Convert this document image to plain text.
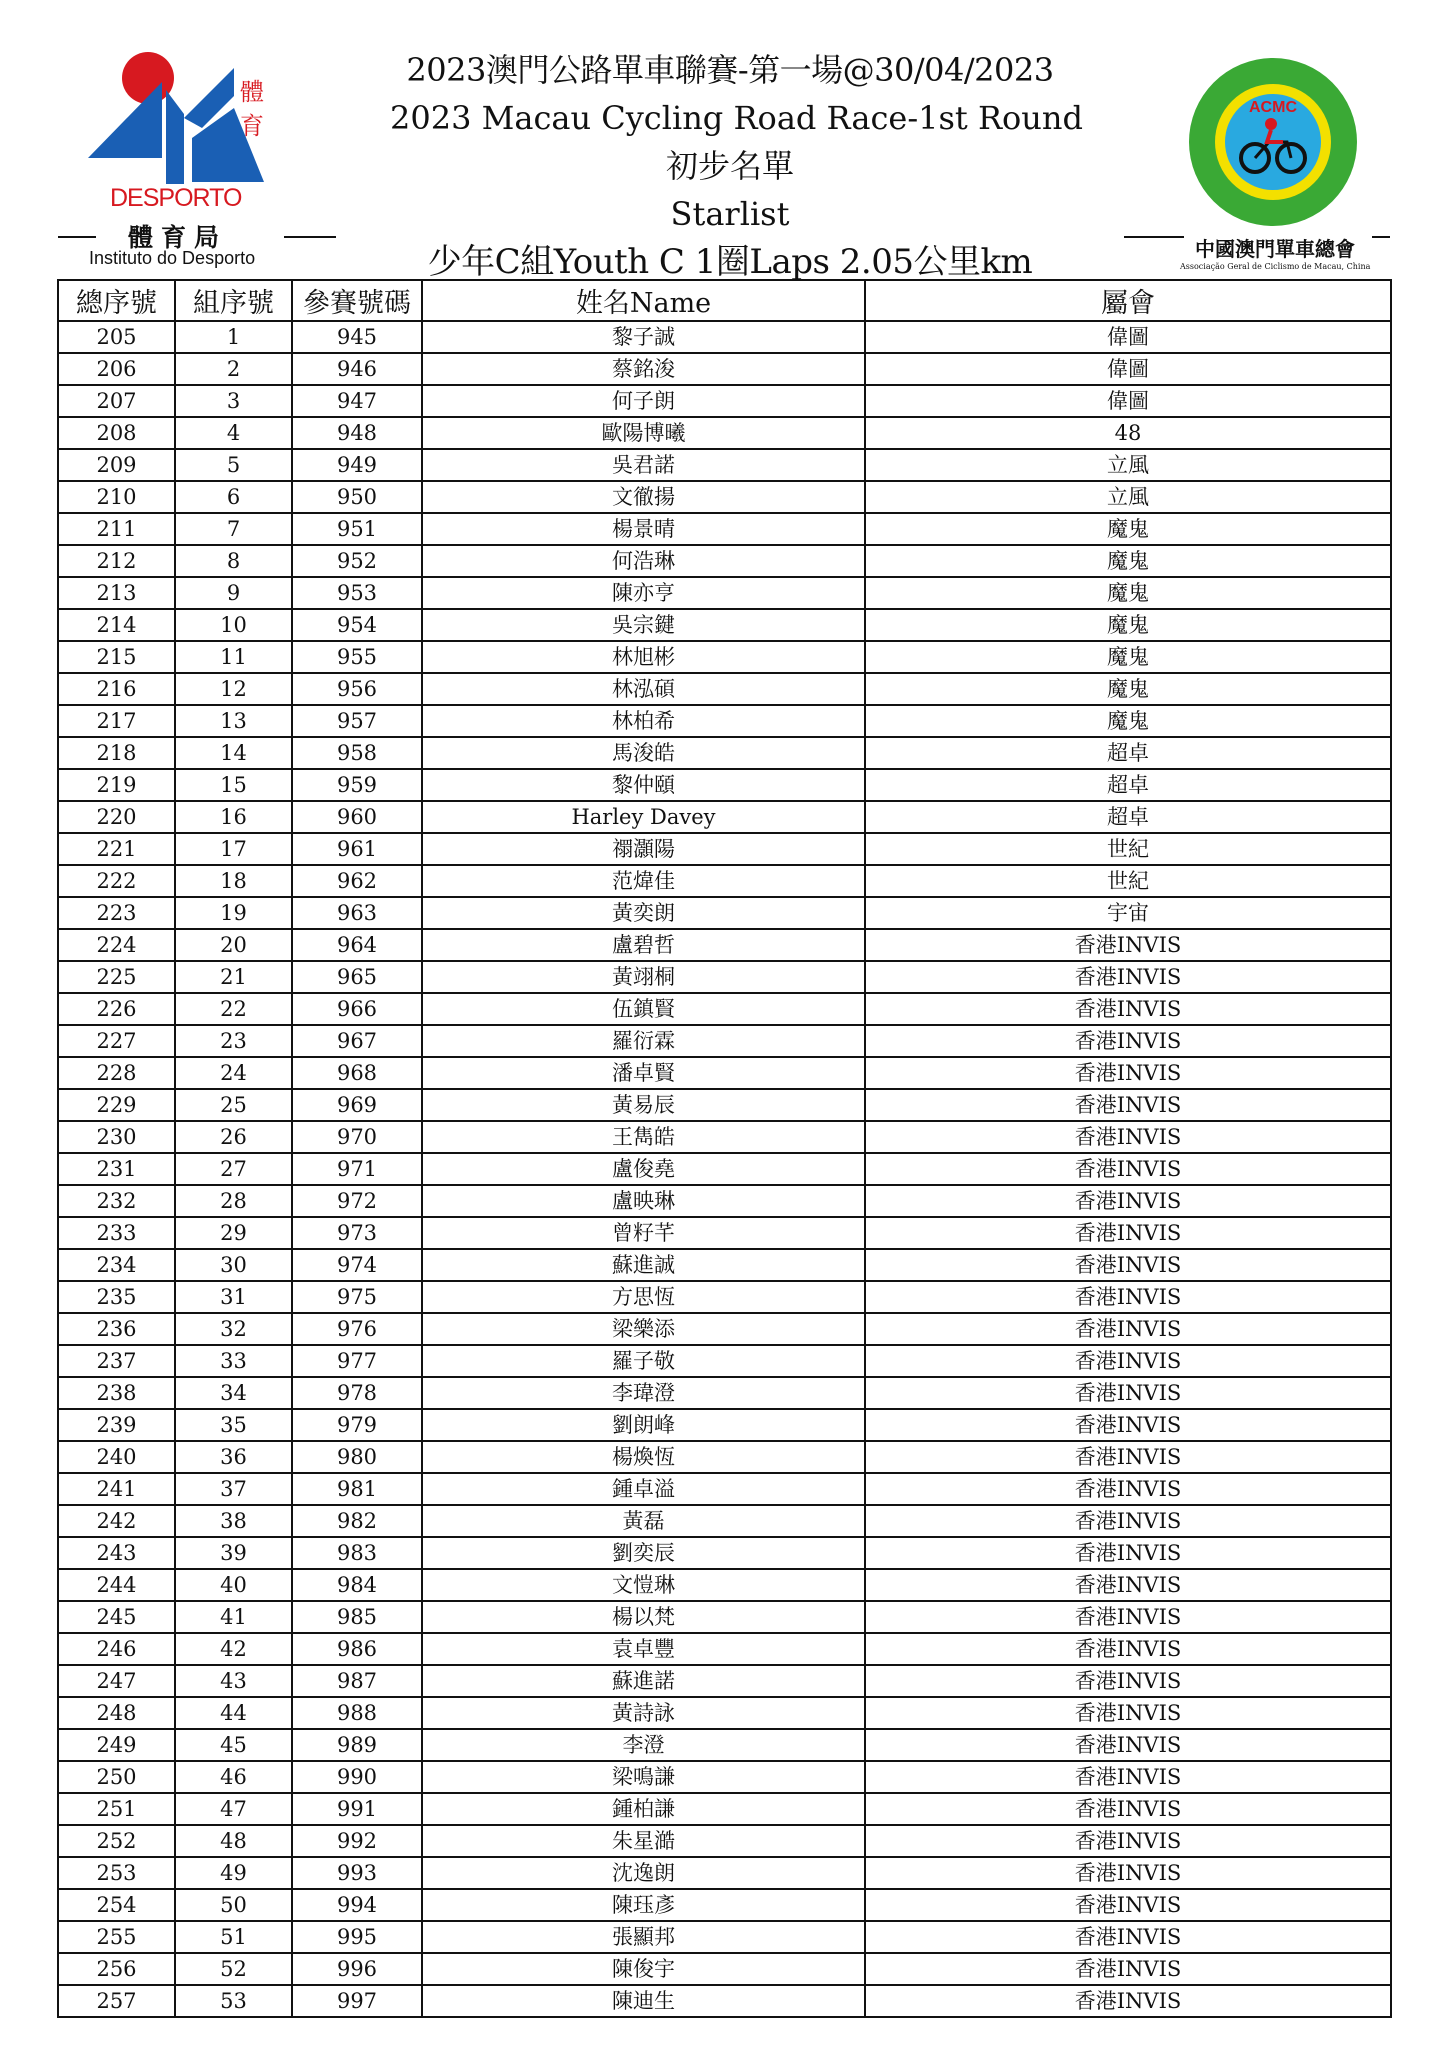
體
育
DESPORTO
體育局
Instituto do Desporto
2023澳門公路單車聯賽-第一場@30/04/2023
2023 Macau Cycling Road Race-1st Round
初步名單
Starlist
少年C組Youth C 1圈Laps 2.05公里km
ACMC
中國澳門單車總會
Associação Geral de Ciclismo de Macau, China
總序號	組序號	參賽號碼	姓名Name	屬會
205	1	945	黎子誠	偉圖
206	2	946	蔡銘浚	偉圖
207	3	947	何子朗	偉圖
208	4	948	歐陽博曦	48
209	5	949	吳君諾	立風
210	6	950	文徹揚	立風
211	7	951	楊景晴	魔鬼
212	8	952	何浩琳	魔鬼
213	9	953	陳亦亨	魔鬼
214	10	954	吳宗鍵	魔鬼
215	11	955	林旭彬	魔鬼
216	12	956	林泓碩	魔鬼
217	13	957	林柏希	魔鬼
218	14	958	馬浚皓	超卓
219	15	959	黎仲頤	超卓
220	16	960	Harley Davey	超卓
221	17	961	禤灝陽	世紀
222	18	962	范煒佳	世紀
223	19	963	黃奕朗	宇宙
224	20	964	盧碧哲	香港INVIS
225	21	965	黃翊桐	香港INVIS
226	22	966	伍鎮賢	香港INVIS
227	23	967	羅衍霖	香港INVIS
228	24	968	潘卓賢	香港INVIS
229	25	969	黃易辰	香港INVIS
230	26	970	王雋皓	香港INVIS
231	27	971	盧俊堯	香港INVIS
232	28	972	盧映琳	香港INVIS
233	29	973	曾籽芊	香港INVIS
234	30	974	蘇進誠	香港INVIS
235	31	975	方思恆	香港INVIS
236	32	976	梁樂添	香港INVIS
237	33	977	羅子敬	香港INVIS
238	34	978	李瑋澄	香港INVIS
239	35	979	劉朗峰	香港INVIS
240	36	980	楊煥恆	香港INVIS
241	37	981	鍾卓溢	香港INVIS
242	38	982	黃磊	香港INVIS
243	39	983	劉奕辰	香港INVIS
244	40	984	文愷琳	香港INVIS
245	41	985	楊以梵	香港INVIS
246	42	986	袁卓豐	香港INVIS
247	43	987	蘇進諾	香港INVIS
248	44	988	黃詩詠	香港INVIS
249	45	989	李澄	香港INVIS
250	46	990	梁鳴謙	香港INVIS
251	47	991	鍾柏謙	香港INVIS
252	48	992	朱星澔	香港INVIS
253	49	993	沈逸朗	香港INVIS
254	50	994	陳珏彥	香港INVIS
255	51	995	張顯邦	香港INVIS
256	52	996	陳俊宇	香港INVIS
257	53	997	陳迪生	香港INVIS
